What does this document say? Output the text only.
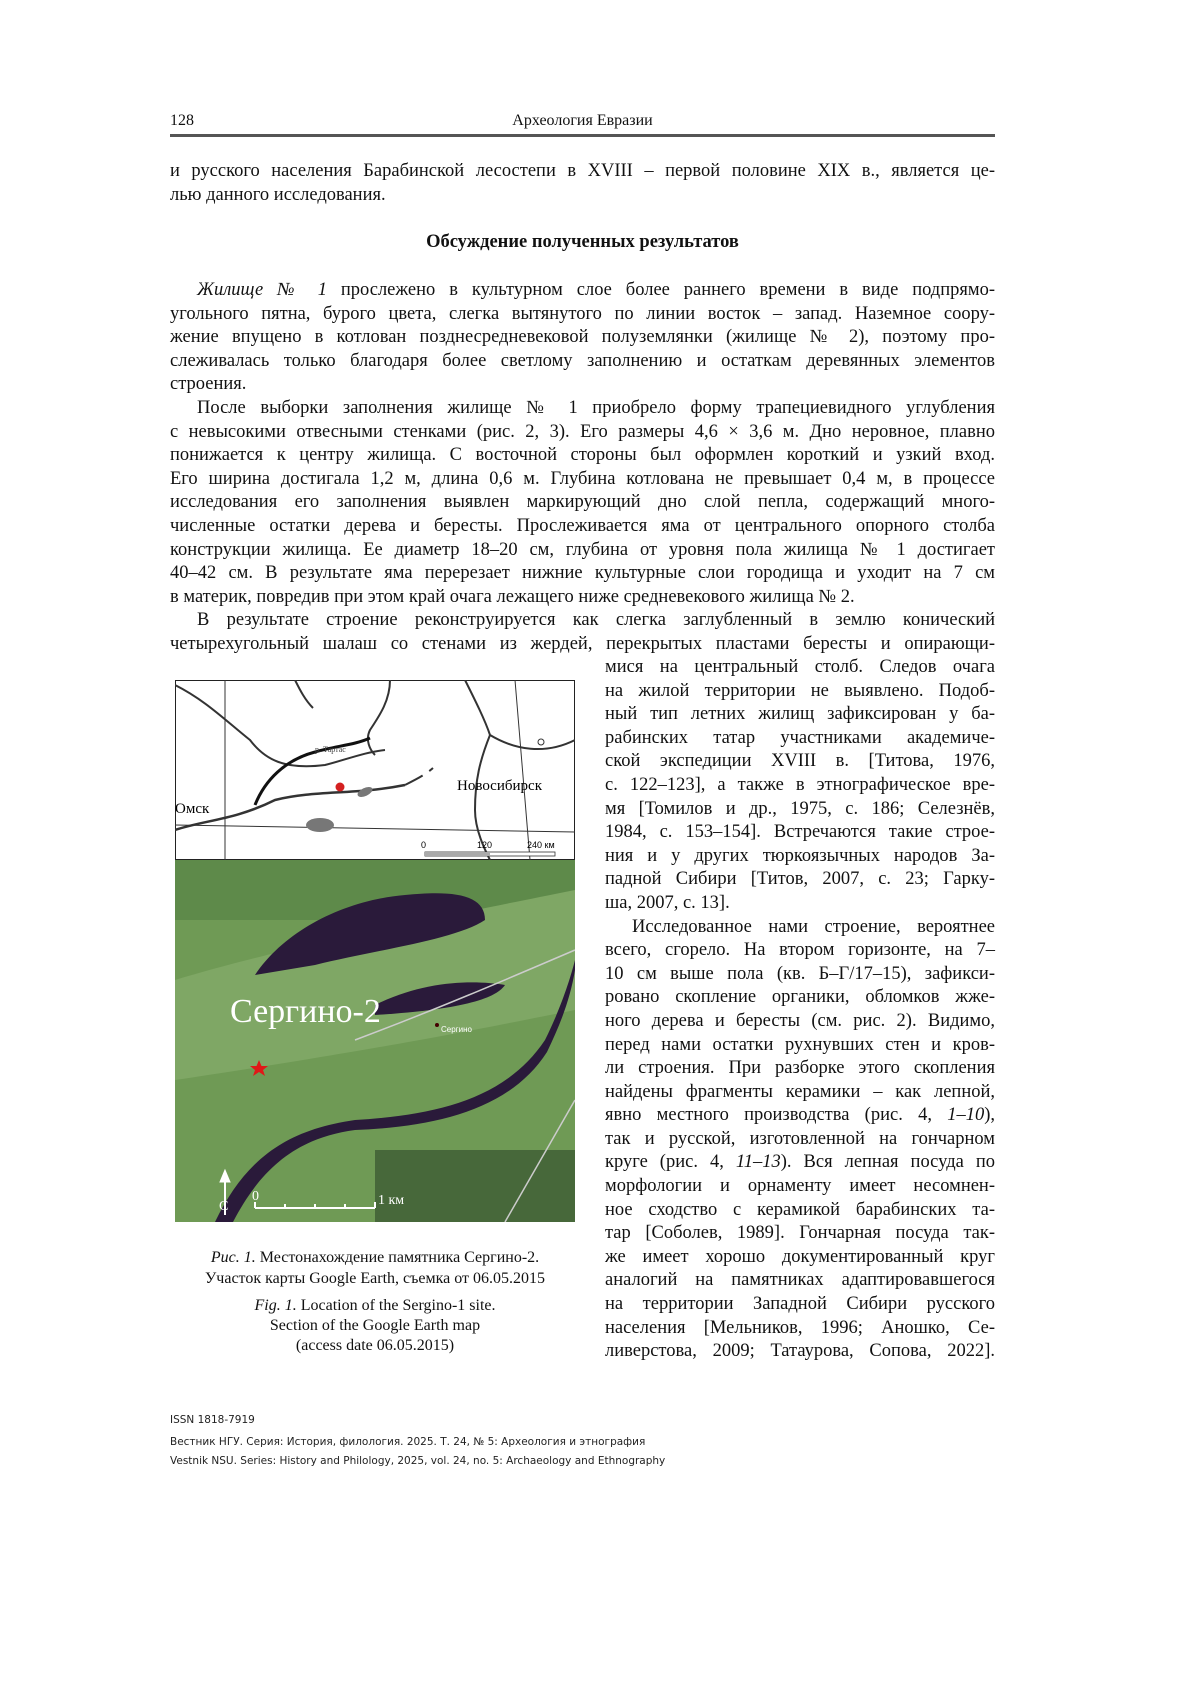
128	Археология Евразии
и русского населения Барабинской лесостепи в XVIII – первой половине XIX в., является це-
лью данного исследования.
Обсуждение полученных результатов
Жилище № 1 прослежено в культурном слое более раннего времени в виде подпрямо-
угольного пятна, бурого цвета, слегка вытянутого по линии восток – запад. Наземное соору-
жение впущено в котлован позднесредневековой полуземлянки (жилище № 2), поэтому про-
слеживалась только благодаря более светлому заполнению и остаткам деревянных элементов
строения.
После выборки заполнения жилище № 1 приобрело форму трапециевидного углубления
с невысокими отвесными стенками (рис. 2, 3). Его размеры 4,6 × 3,6 м. Дно неровное, плавно
понижается к центру жилища. С восточной стороны был оформлен короткий и узкий вход.
Его ширина достигала 1,2 м, длина 0,6 м. Глубина котлована не превышает 0,4 м, в процессе
исследования его заполнения выявлен маркирующий дно слой пепла, содержащий много-
численные остатки дерева и бересты. Прослеживается яма от центрального опорного столба
конструкции жилища. Ее диаметр 18–20 см, глубина от уровня пола жилища № 1 достигает
40–42 см. В результате яма перерезает нижние культурные слои городища и уходит на 7 см
в материк, повредив при этом край очага лежащего ниже средневекового жилища № 2.
В результате строение реконструируется как слегка заглубленный в землю конический
четырехугольный шалаш со стенами из жердей, перекрытых пластами бересты и опирающи-
мися на центральный столб. Следов очага
на жилой территории не выявлено. Подоб-
ный тип летних жилищ зафиксирован у ба-
рабинских татар участниками академиче-
ской экспедиции XVIII в. [Титова, 1976,
с. 122–123], а также в этнографическое вре-
мя [Томилов и др., 1975, с. 186; Селезнёв,
1984, с. 153–154]. Встречаются такие строе-
ния и у других тюркоязычных народов За-
падной Сибири [Титов, 2007, с. 23; Гарку-
ша, 2007, с. 13].
Исследованное нами строение, вероятнее
всего, сгорело. На втором горизонте, на 7–
10 см выше пола (кв. Б–Г/17–15), зафикси-
ровано скопление органики, обломков жже-
ного дерева и бересты (см. рис. 2). Видимо,
перед нами остатки рухнувших стен и кров-
ли строения. При разборке этого скопления
найдены фрагменты керамики – как лепной,
явно местного производства (рис. 4, 1–10),
так и русской, изготовленной на гончарном
круге (рис. 4, 11–13). Вся лепная посуда по
морфологии и орнаменту имеет несомнен-
ное сходство с керамикой барабинских та-
тар [Соболев, 1989]. Гончарная посуда так-
же имеет хорошо документированный круг
аналогий на памятниках адаптировавшегося
на территории Западной Сибири русского
населения [Мельников, 1996; Аношко, Се-
ливерстова, 2009; Татаурова, Сопова, 2022].
р. Тартас
Омск
Новосибирск
0	120	240 км
Сергино-2	Сергино
С
0	1 км
Рис. 1. Местонахождение памятника Сергино-2.
Участок карты Google Earth, съемка от 06.05.2015
Fig. 1. Location of the Sergino-1 site.
Section of the Google Earth map
(access date 06.05.2015)
ISSN 1818-7919
Вестник НГУ. Серия: История, филология. 2025. Т. 24, № 5: Археология и этнография
Vestnik NSU. Series: History and Philology, 2025, vol. 24, no. 5: Archaeology and Ethnography
